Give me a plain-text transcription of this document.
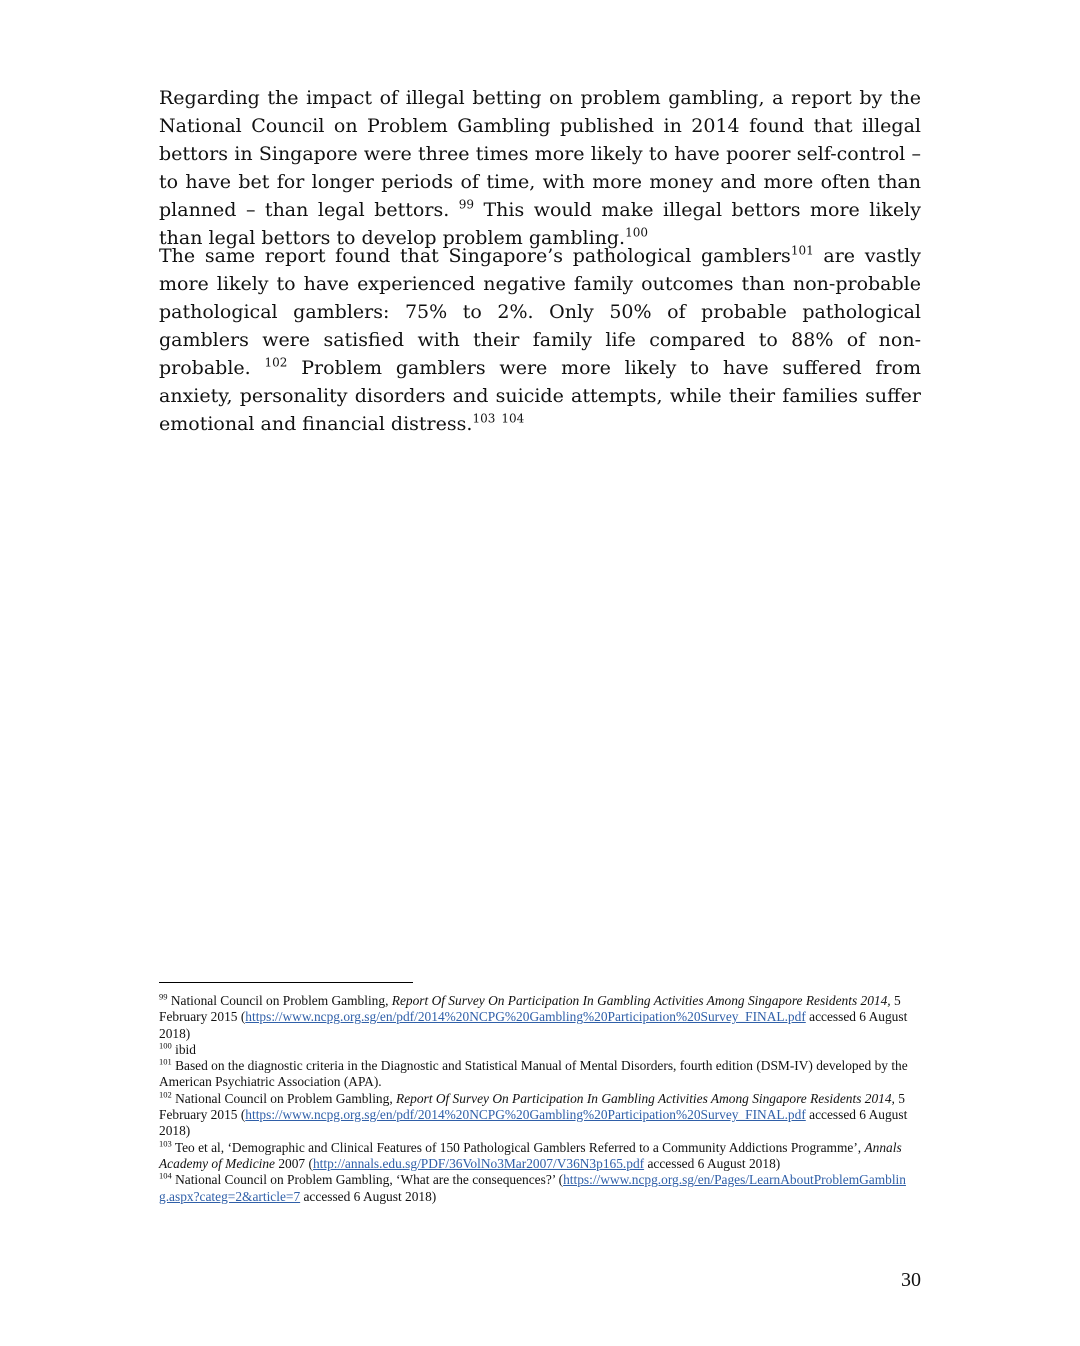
Regarding the impact of illegal betting on problem gambling, a report by the National Council on Problem Gambling published in 2014 found that illegal bettors in Singapore were three times more likely to have poorer self-control – to have bet for longer periods of time, with more money and more often than planned – than legal bettors. $^{99}$ This would make illegal bettors more likely than legal bettors to develop problem gambling.$^{100}$

The same report found that Singapore’s pathological gamblers$^{101}$ are vastly more likely to have experienced negative family outcomes than non-probable pathological gamblers: 75% to 2%. Only 50% of probable pathological gamblers were satisfied with their family life compared to 88% of non-probable. $^{102}$ Problem gamblers were more likely to have suffered from anxiety, personality disorders and suicide attempts, while their families suffer emotional and financial distress.$^{103}$ $^{104}$

$^{99}$ National Council on Problem Gambling, Report Of Survey On Participation In Gambling Activities Among Singapore Residents 2014, 5 February 2015 (https://www.ncpg.org.sg/en/pdf/2014%20NCPG%20Gambling%20Participation%20Survey_FINAL.pdf accessed 6 August 2018)

$^{100}$ ibid

$^{101}$ Based on the diagnostic criteria in the Diagnostic and Statistical Manual of Mental Disorders, fourth edition (DSM-IV) developed by the American Psychiatric Association (APA).

$^{102}$ National Council on Problem Gambling, Report Of Survey On Participation In Gambling Activities Among Singapore Residents 2014, 5 February 2015 (https://www.ncpg.org.sg/en/pdf/2014%20NCPG%20Gambling%20Participation%20Survey_FINAL.pdf accessed 6 August 2018)

$^{103}$ Teo et al, ‘Demographic and Clinical Features of 150 Pathological Gamblers Referred to a Community Addictions Programme’, Annals Academy of Medicine 2007 (http://annals.edu.sg/PDF/36VolNo3Mar2007/V36N3p165.pdf accessed 6 August 2018)

$^{104}$ National Council on Problem Gambling, ‘What are the consequences?’ (https://www.ncpg.org.sg/en/Pages/LearnAboutProblemGambling.aspx?categ=2&article=7 accessed 6 August 2018)

30
